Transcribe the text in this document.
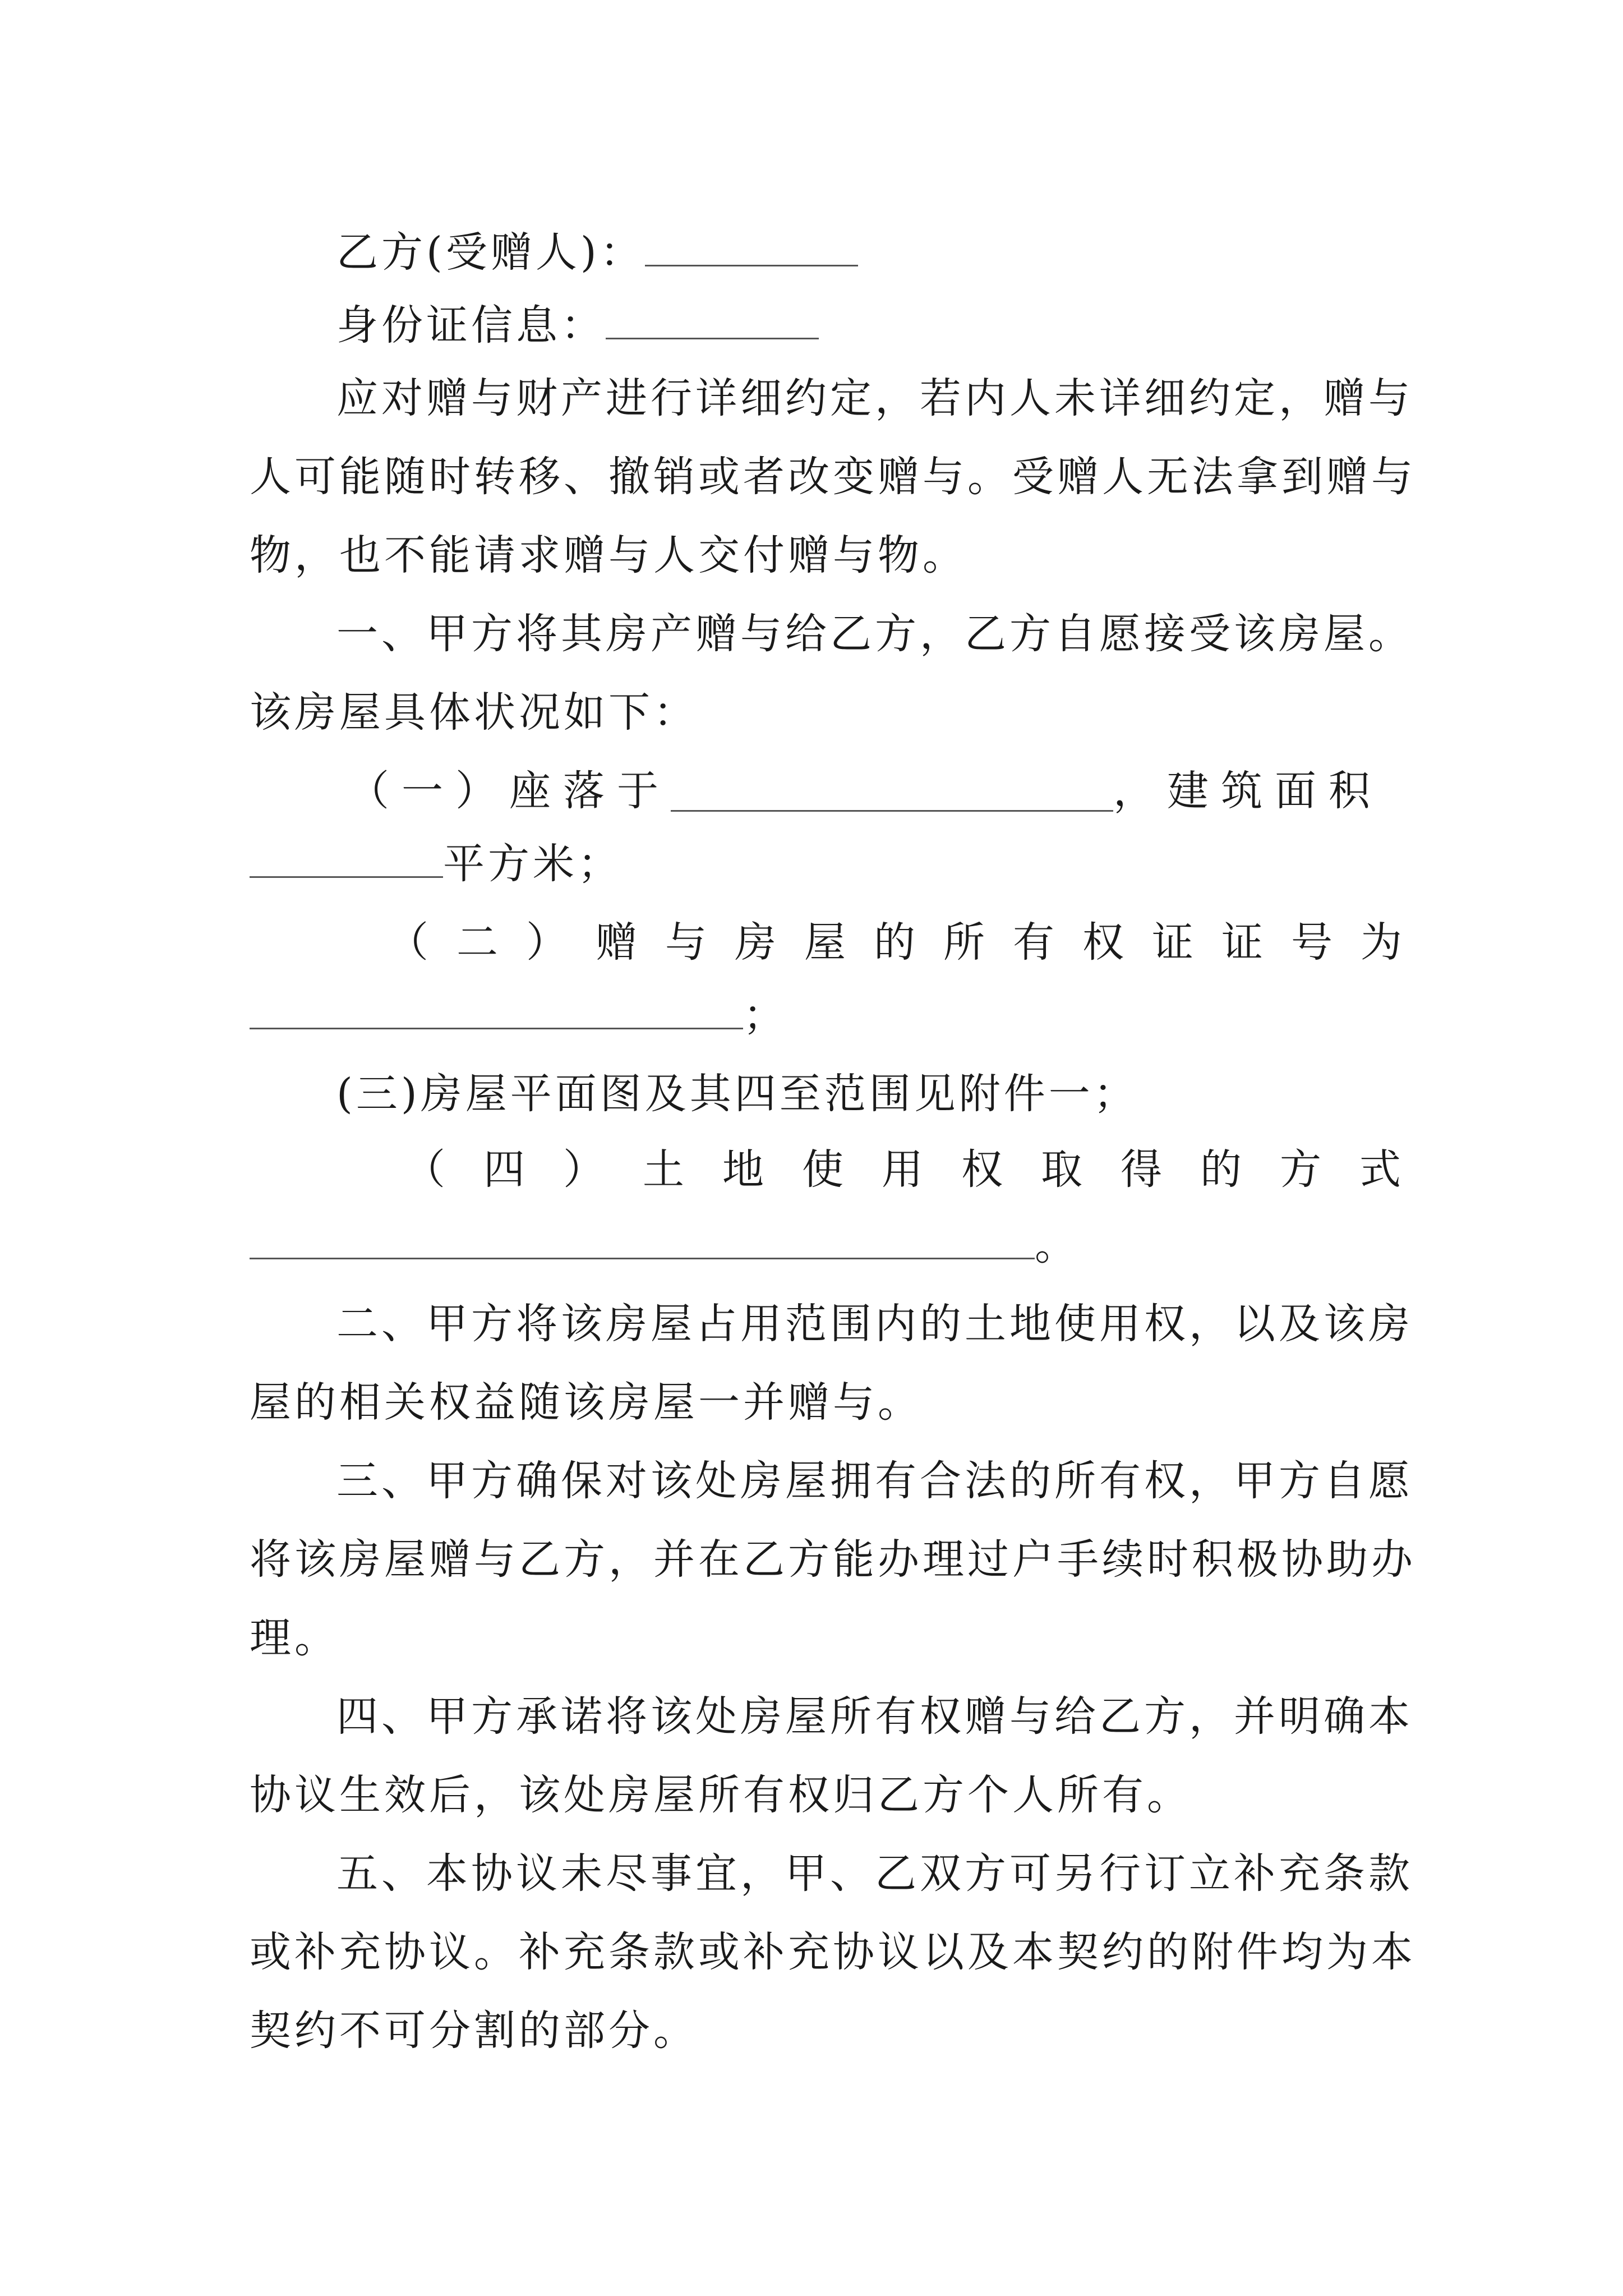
乙方(受赠人)：
身份证信息：
应对赠与财产进行详细约定，若内人未详细约定，赠与
人可能随时转移、撤销或者改变赠与。受赠人无法拿到赠与
物，也不能请求赠与人交付赠与物。
一、甲方将其房产赠与给乙方，乙方自愿接受该房屋。
该房屋具体状况如下：
（一）座落于	，建筑面积
平方米；
（二）赠与房屋的所有权证证号为
；
(三)房屋平面图及其四至范围见附件一；
（四）土地使用权取得的方式
。
二、甲方将该房屋占用范围内的土地使用权，以及该房
屋的相关权益随该房屋一并赠与。
三、甲方确保对该处房屋拥有合法的所有权，甲方自愿
将该房屋赠与乙方，并在乙方能办理过户手续时积极协助办
理。
四、甲方承诺将该处房屋所有权赠与给乙方，并明确本
协议生效后，该处房屋所有权归乙方个人所有。
五、本协议未尽事宜，甲、乙双方可另行订立补充条款
或补充协议。补充条款或补充协议以及本契约的附件均为本
契约不可分割的部分。
